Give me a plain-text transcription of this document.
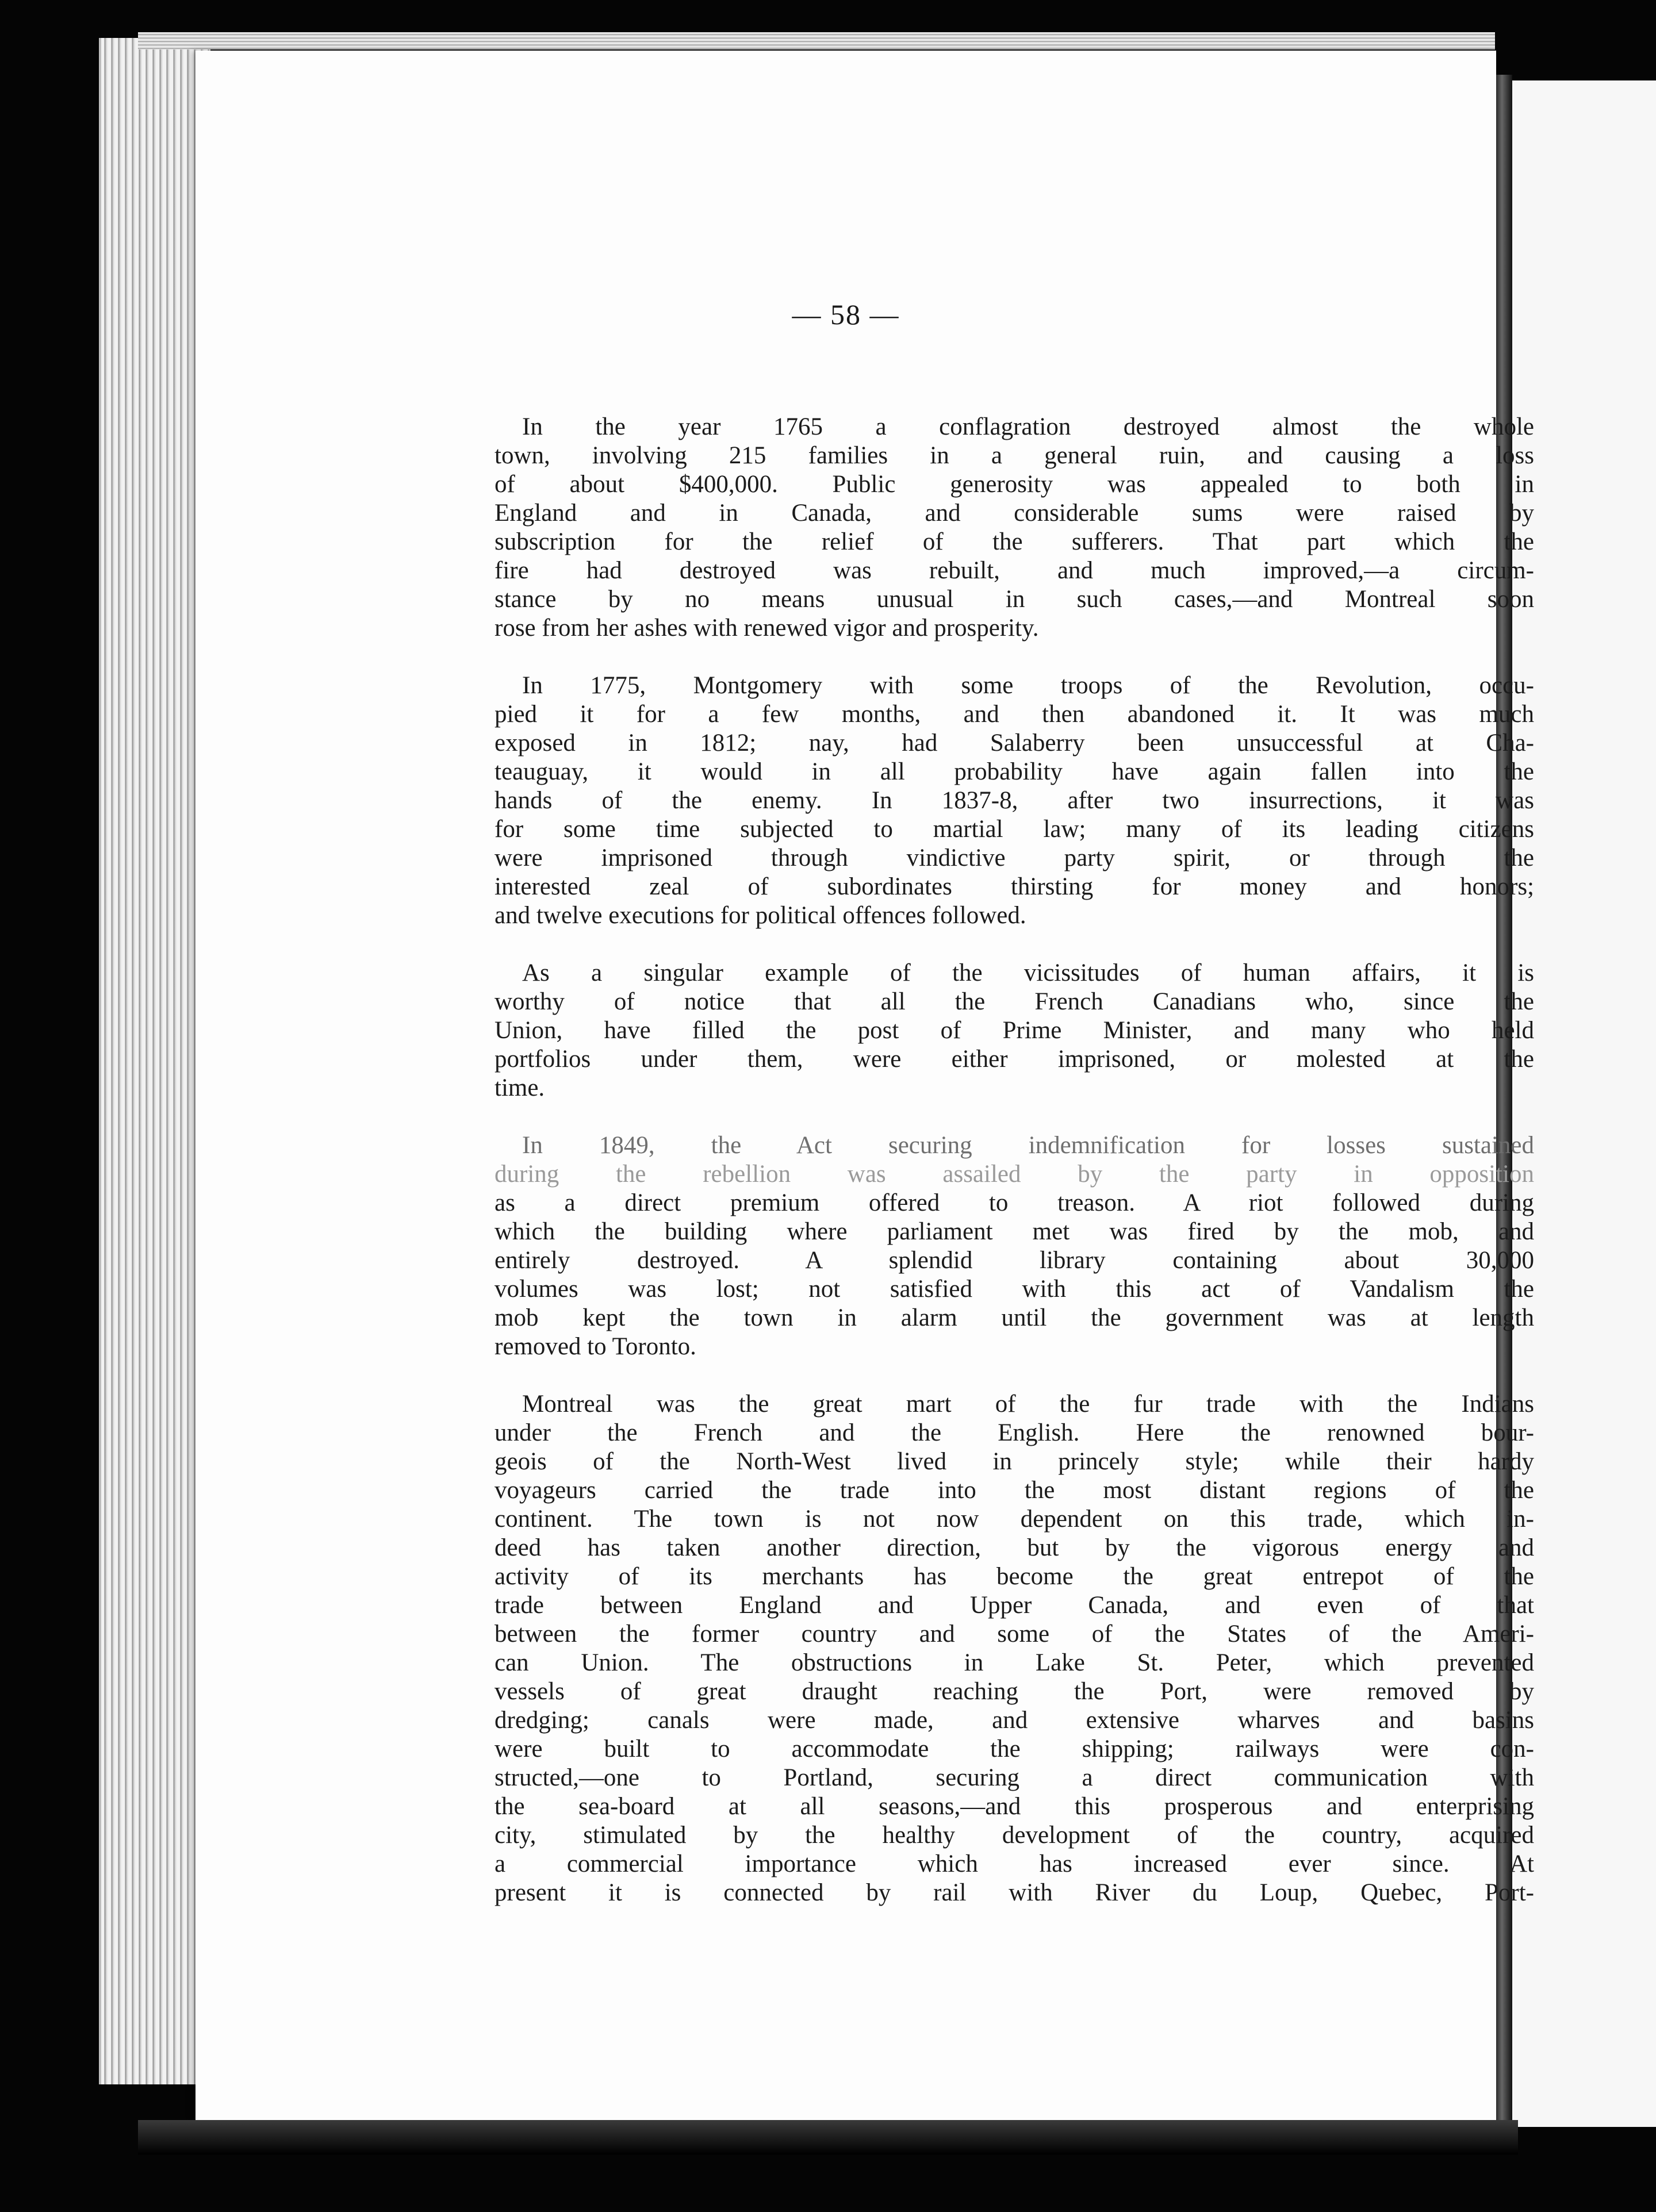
— 58 —
In the year 1765 a conflagration destroyed almost the whole
town, involving 215 families in a general ruin, and causing a loss
of about $400,000. Public generosity was appealed to both in
England and in Canada, and considerable sums were raised by
subscription for the relief of the sufferers. That part which the
fire had destroyed was rebuilt, and much improved,—a circum-
stance by no means unusual in such cases,—and Montreal soon
rose from her ashes with renewed vigor and prosperity.
In 1775, Montgomery with some troops of the Revolution, occu-
pied it for a few months, and then abandoned it. It was much
exposed in 1812; nay, had Salaberry been unsuccessful at Cha-
teauguay, it would in all probability have again fallen into the
hands of the enemy. In 1837-8, after two insurrections, it was
for some time subjected to martial law; many of its leading citizens
were imprisoned through vindictive party spirit, or through the
interested zeal of subordinates thirsting for money and honors;
and twelve executions for political offences followed.
As a singular example of the vicissitudes of human affairs, it is
worthy of notice that all the French Canadians who, since the
Union, have filled the post of Prime Minister, and many who held
portfolios under them, were either imprisoned, or molested at the
time.
In 1849, the Act securing indemnification for losses sustained
during the rebellion was assailed by the party in opposition
as a direct premium offered to treason. A riot followed during
which the building where parliament met was fired by the mob, and
entirely destroyed. A splendid library containing about 30,000
volumes was lost; not satisfied with this act of Vandalism the
mob kept the town in alarm until the government was at length
removed to Toronto.
Montreal was the great mart of the fur trade with the Indians
under the French and the English. Here the renowned bour-
geois of the North-West lived in princely style; while their hardy
voyageurs carried the trade into the most distant regions of the
continent. The town is not now dependent on this trade, which in-
deed has taken another direction, but by the vigorous energy and
activity of its merchants has become the great entrepot of the
trade between England and Upper Canada, and even of that
between the former country and some of the States of the Ameri-
can Union. The obstructions in Lake St. Peter, which prevented
vessels of great draught reaching the Port, were removed by
dredging; canals were made, and extensive wharves and basins
were built to accommodate the shipping; railways were con-
structed,—one to Portland, securing a direct communication with
the sea-board at all seasons,—and this prosperous and enterprising
city, stimulated by the healthy development of the country, acquired
a commercial importance which has increased ever since. At
present it is connected by rail with River du Loup, Quebec, Port-
